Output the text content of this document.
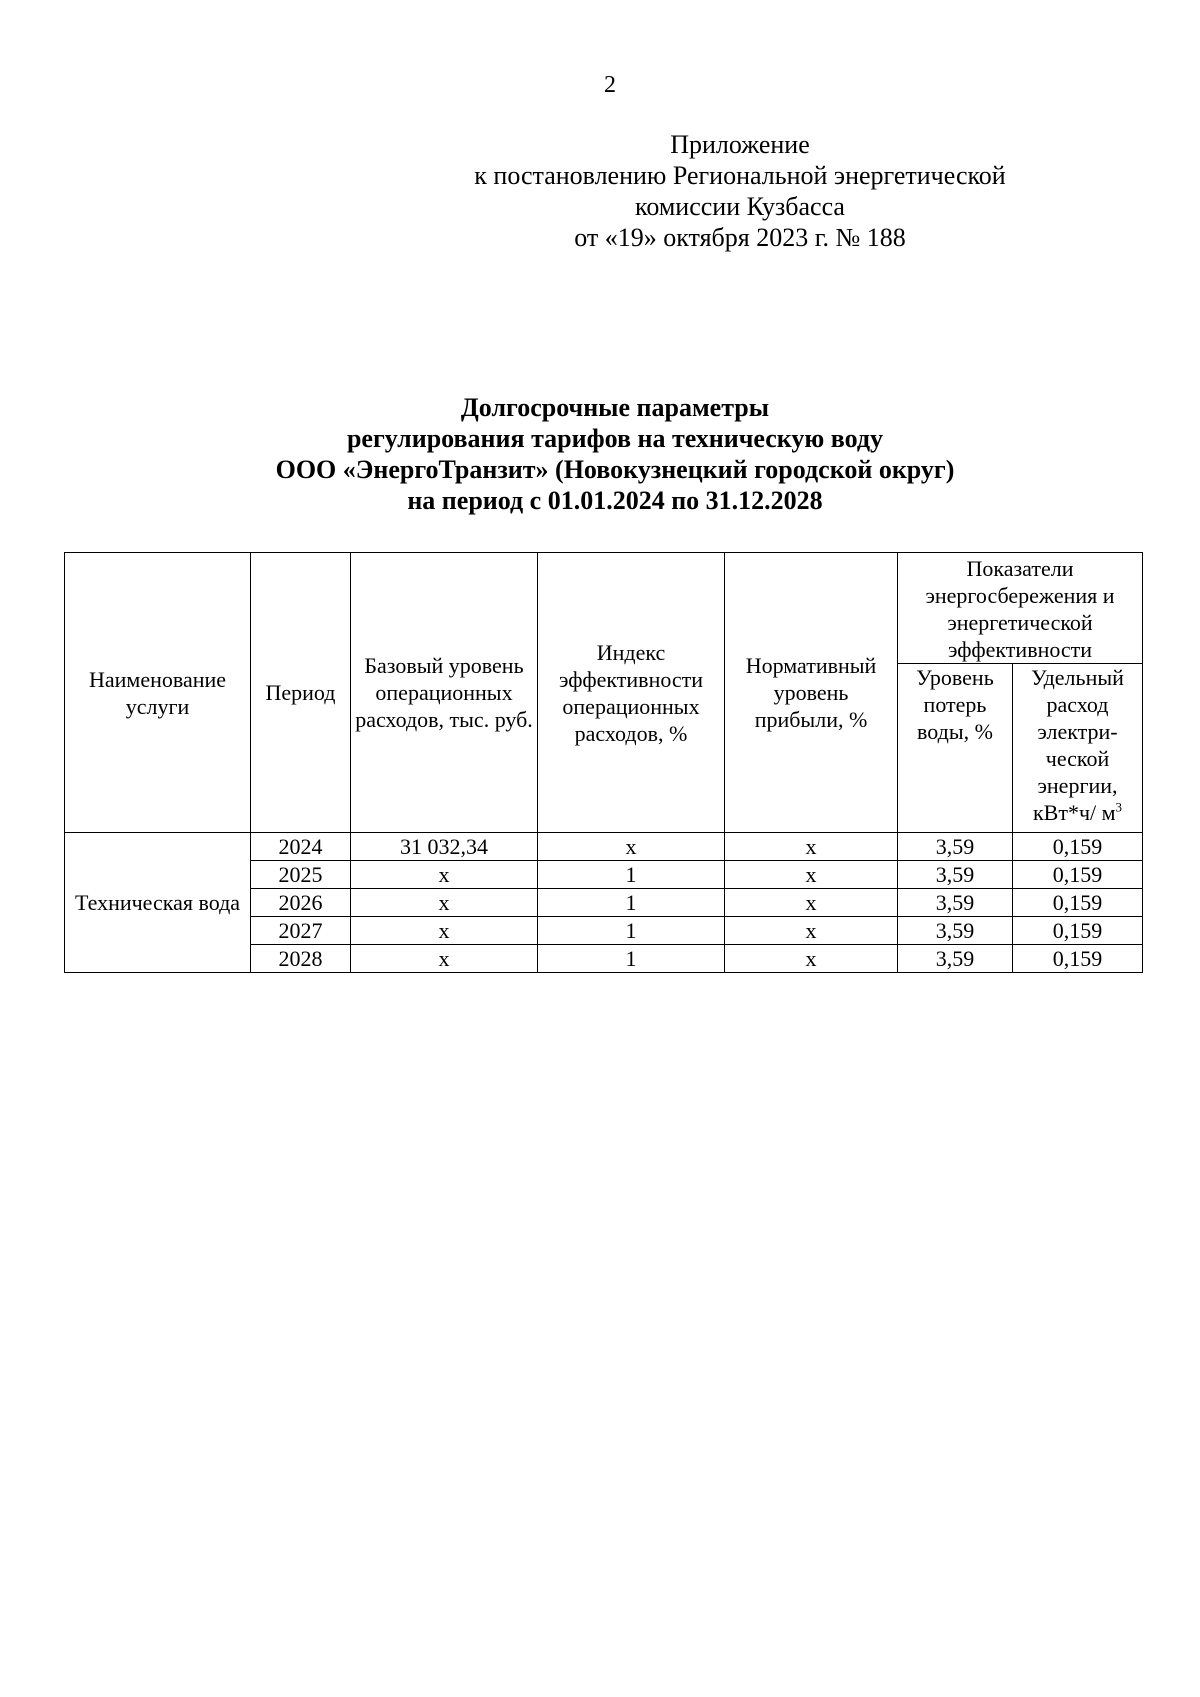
2
Приложение
к постановлению Региональной энергетической
комиссии Кузбасса
от «19» октября 2023 г. № 188
Долгосрочные параметры
регулирования тарифов на техническую воду
ООО «ЭнергоТранзит» (Новокузнецкий городской округ)
на период с 01.01.2024 по 31.12.2028
Наименование услуги	Период	Базовый уровень операционных расходов, тыс. руб.	Индекс эффективности операционных расходов, %	Нормативный уровень прибыли, %	Показатели энергосбережения и энергетической эффективности	
					Уровень потерь воды, %	Удельный расход электри-ческой энергии, кВт*ч/ $м^3$
Техническая вода	2024	31 032,34	х	х	3,59	0,159
	2025	х	1	х	3,59	0,159
	2026	х	1	х	3,59	0,159
	2027	х	1	х	3,59	0,159
	2028	х	1	х	3,59	0,159
